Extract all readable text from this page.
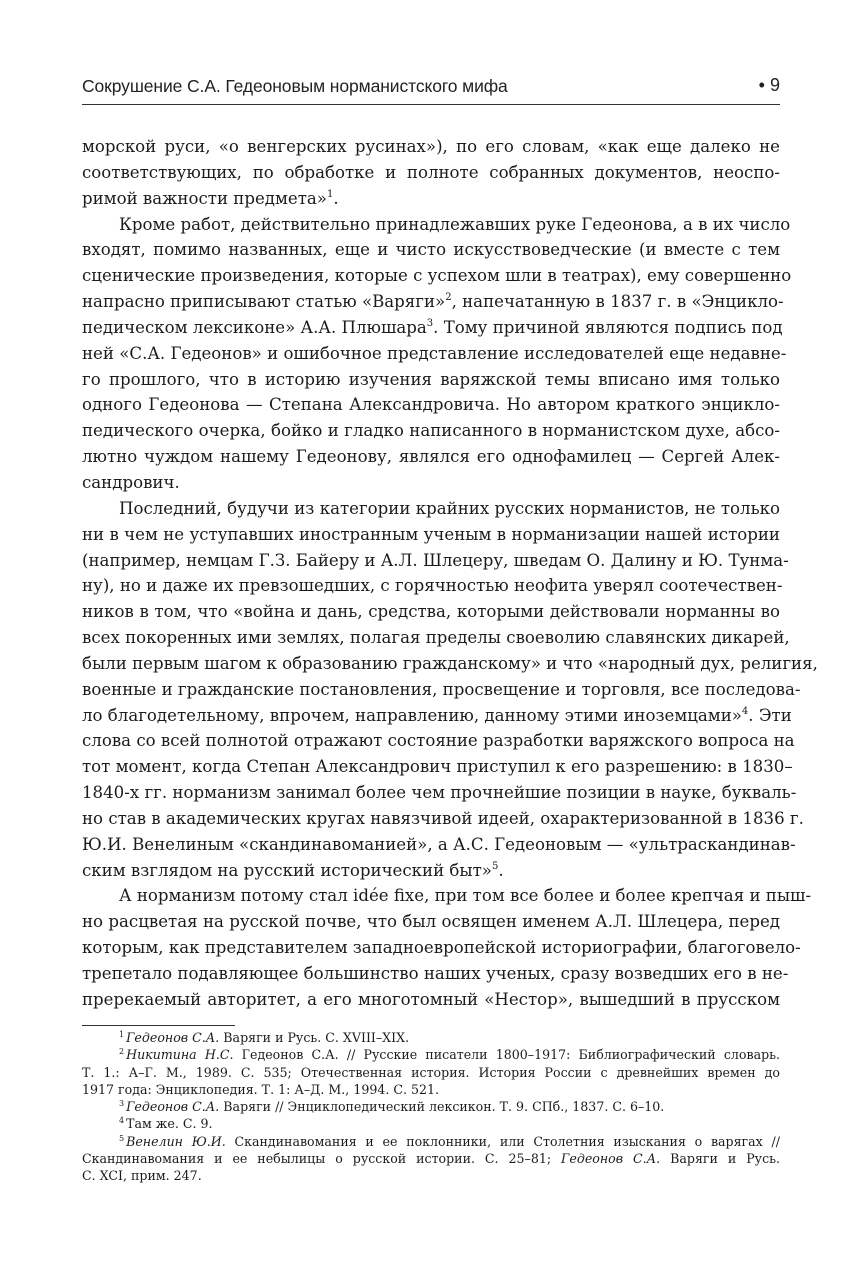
Сокрушение С.А. Гедеоновым норманистского мифа	• 9
морской руси, «о венгерских русинах»), по его словам, «как еще далеко не
соответствующих, по обработке и полноте собранных документов, неоспо-
римой важности предмета»$^1$.
Кроме работ, действительно принадлежавших руке Гедеонова, а в их число
входят, помимо названных, еще и чисто искусствоведческие (и вместе с тем
сценические произведения, которые с успехом шли в театрах), ему совершенно
напрасно приписывают статью «Варяги»$^2$, напечатанную в 1837 г. в «Энцикло-
педическом лексиконе» А.А. Плюшара$^3$. Тому причиной являются подпись под
ней «С.А. Гедеонов» и ошибочное представление исследователей еще недавне-
го прошлого, что в историю изучения варяжской темы вписано имя только
одного Гедеонова — Степана Александровича. Но автором краткого энцикло-
педического очерка, бойко и гладко написанного в норманистском духе, абсо-
лютно чуждом нашему Гедеонову, являлся его однофамилец — Сергей Алек-
сандрович.
Последний, будучи из категории крайних русских норманистов, не только
ни в чем не уступавших иностранным ученым в норманизации нашей истории
(например, немцам Г.З. Байеру и А.Л. Шлецеру, шведам О. Далину и Ю. Тунма-
ну), но и даже их превзошедших, с горячностью неофита уверял соотечествен-
ников в том, что «война и дань, средства, которыми действовали норманны во
всех покоренных ими землях, полагая пределы своеволию славянских дикарей,
были первым шагом к образованию гражданскому» и что «народный дух, религия,
военные и гражданские постановления, просвещение и торговля, все последова-
ло благодетельному, впрочем, направлению, данному этими иноземцами»$^4$. Эти
слова со всей полнотой отражают состояние разработки варяжского вопроса на
тот момент, когда Степан Александрович приступил к его разрешению: в 1830–
1840-х гг. норманизм занимал более чем прочнейшие позиции в науке, букваль-
но став в академических кругах навязчивой идеей, охарактеризованной в 1836 г.
Ю.И. Венелиным «скандинавоманией», а А.С. Гедеоновым — «ультраскандинав-
ским взглядом на русский исторический быт»$^5$.
А норманизм потому стал idée fixe, при том все более и более крепчая и пыш-
но расцветая на русской почве, что был освящен именем А.Л. Шлецера, перед
которым, как представителем западноевропейской историографии, благоговело-
трепетало подавляющее большинство наших ученых, сразу возведших его в не-
пререкаемый авторитет, а его многотомный «Нестор», вышедший в прусском
$^1$ Гедеонов С.А. Варяги и Русь. С. XVIII–XIX.
$^2$ Никитина Н.С. Гедеонов С.А. // Русские писатели 1800–1917: Библиографический словарь.
Т. 1.: А–Г. М., 1989. С. 535; Отечественная история. История России с древнейших времен до
1917 года: Энциклопедия. Т. 1: А–Д. М., 1994. С. 521.
$^3$ Гедеонов С.А. Варяги // Энциклопедический лексикон. Т. 9. СПб., 1837. С. 6–10.
$^4$ Там же. С. 9.
$^5$ Венелин Ю.И. Скандинавомания и ее поклонники, или Столетния изыскания о варягах //
Скандинавомания и ее небылицы о русской истории. С. 25–81; Гедеонов С.А. Варяги и Русь.
С. XCI, прим. 247.
